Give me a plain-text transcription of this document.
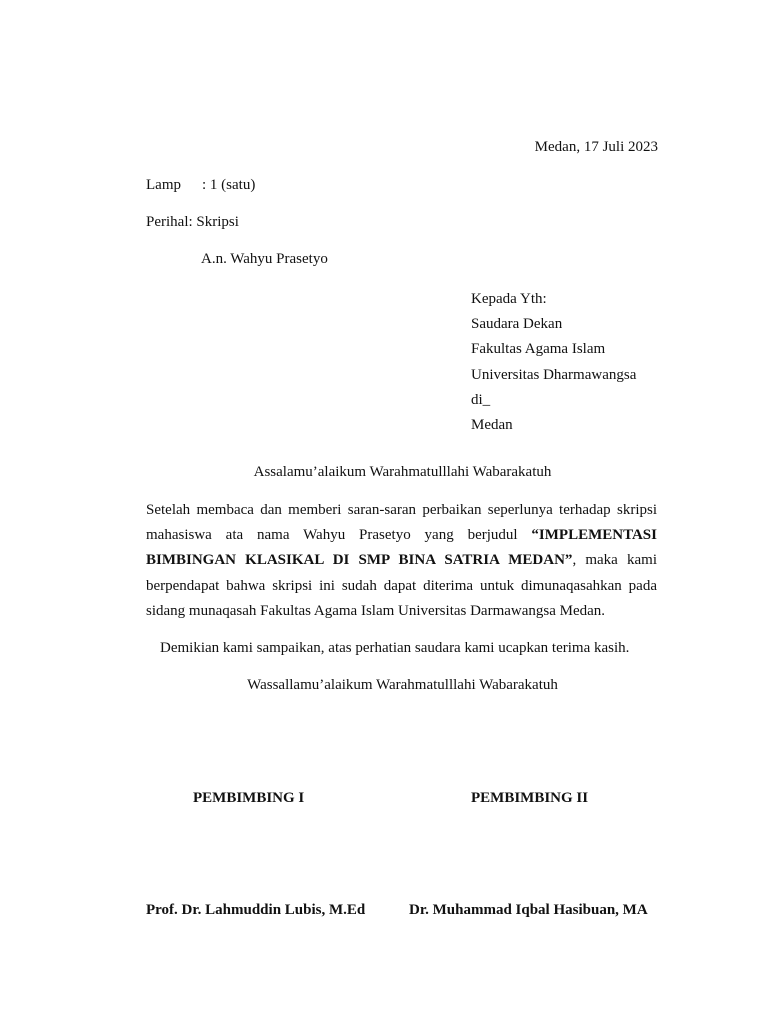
Medan, 17 Juli 2023
Lamp : 1 (satu)
Perihal: Skripsi
A.n. Wahyu Prasetyo
Kepada Yth:
Saudara Dekan
Fakultas Agama Islam
Universitas Dharmawangsa
di_
Medan
Assalamu’alaikum Warahmatulllahi Wabarakatuh
Setelah membaca dan memberi saran-saran perbaikan seperlunya terhadap skripsi mahasiswa ata nama Wahyu Prasetyo yang berjudul “IMPLEMENTASI BIMBINGAN KLASIKAL DI SMP BINA SATRIA MEDAN”, maka kami berpendapat bahwa skripsi ini sudah dapat diterima untuk dimunaqasahkan pada sidang munaqasah Fakultas Agama Islam Universitas Darmawangsa Medan.
Demikian kami sampaikan, atas perhatian saudara kami ucapkan terima kasih.
Wassallamu’alaikum Warahmatulllahi Wabarakatuh
PEMBIMBING I	PEMBIMBING II
Prof. Dr. Lahmuddin Lubis, M.Ed	Dr. Muhammad Iqbal Hasibuan, MA
